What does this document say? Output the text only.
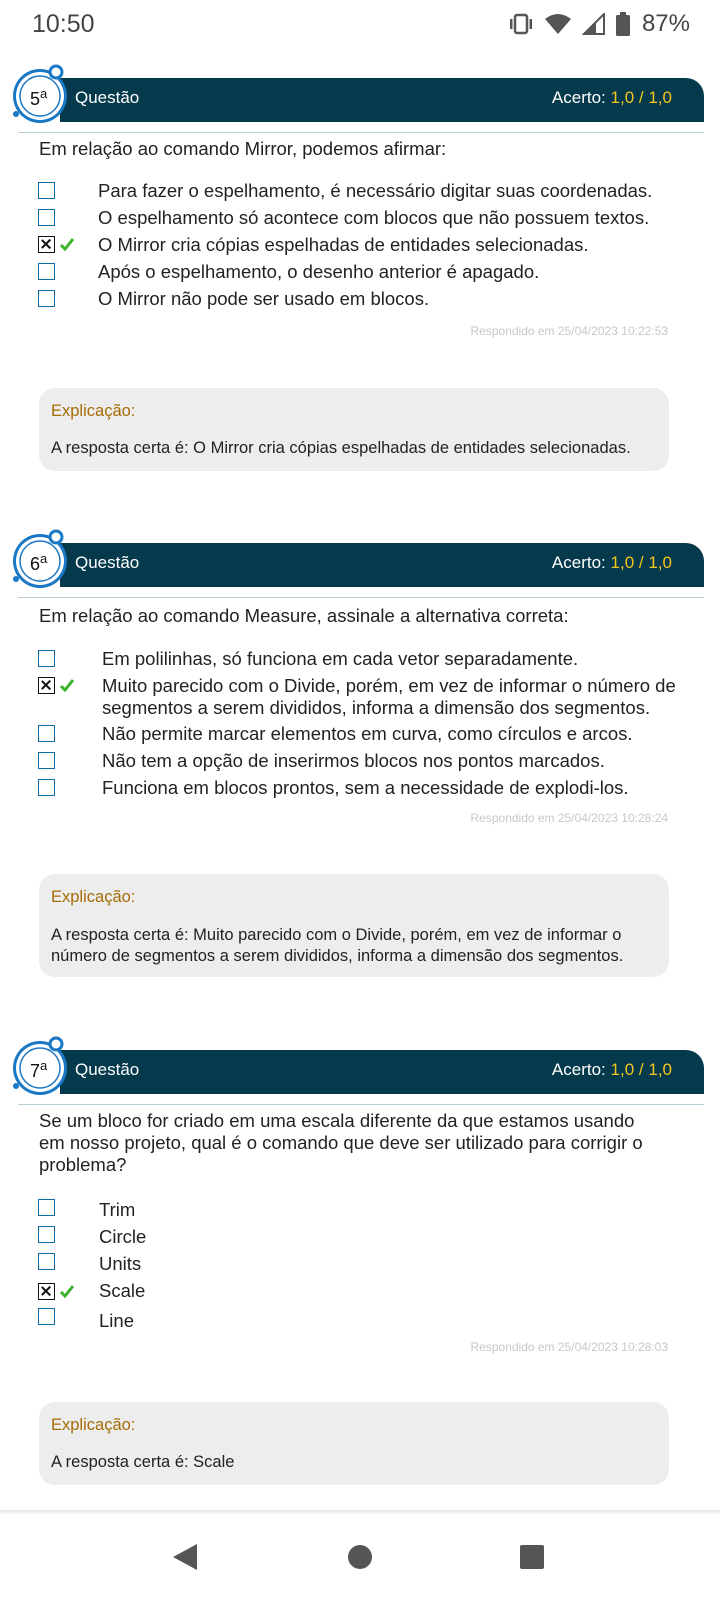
10:50	87%
Questão	Acerto: 1,0 / 1,0
5$^a$
Em relação ao comando Mirror, podemos afirmar:
Para fazer o espelhamento, é necessário digitar suas coordenadas.
O espelhamento só acontece com blocos que não possuem textos.
O Mirror cria cópias espelhadas de entidades selecionadas.
Após o espelhamento, o desenho anterior é apagado.
O Mirror não pode ser usado em blocos.
Respondido em 25/04/2023 10:22:53
Explicação:
A resposta certa é: O Mirror cria cópias espelhadas de entidades selecionadas.
Questão	Acerto: 1,0 / 1,0
6$^a$
Em relação ao comando Measure, assinale a alternativa correta:
Em polilinhas, só funciona em cada vetor separadamente.
Muito parecido com o Divide, porém, em vez de informar o número de segmentos a serem divididos, informa a dimensão dos segmentos.
Não permite marcar elementos em curva, como círculos e arcos.
Não tem a opção de inserirmos blocos nos pontos marcados.
Funciona em blocos prontos, sem a necessidade de explodi-los.
Respondido em 25/04/2023 10:28:24
Explicação:
A resposta certa é: Muito parecido com o Divide, porém, em vez de informar o número de segmentos a serem divididos, informa a dimensão dos segmentos.
Questão	Acerto: 1,0 / 1,0
7$^a$
Se um bloco for criado em uma escala diferente da que estamos usando em nosso projeto, qual é o comando que deve ser utilizado para corrigir o problema?
Trim
Circle
Units
Scale
Line
Respondido em 25/04/2023 10:28:03
Explicação:
A resposta certa é: Scale
